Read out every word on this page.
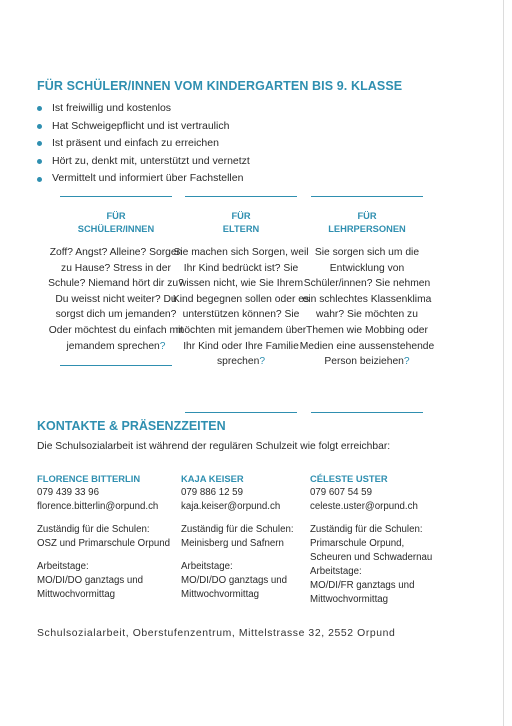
FÜR SCHÜLER/INNEN VOM KINDERGARTEN BIS 9. KLASSE
Ist freiwillig und kostenlos
Hat Schweigepflicht und ist vertraulich
Ist präsent und einfach zu erreichen
Hört zu, denkt mit, unterstützt und vernetzt
Vermittelt und informiert über Fachstellen
FÜR
SCHÜLER/INNEN
Zoff? Angst? Alleine? Sorgen zu Hause? Stress in der Schule? Niemand hört dir zu? Du weisst nicht weiter? Du sorgst dich um jemanden? Oder möchtest du einfach mit jemandem sprechen?
FÜR
ELTERN
Sie machen sich Sorgen, weil Ihr Kind bedrückt ist? Sie wissen nicht, wie Sie Ihrem Kind begegnen sollen oder es unterstützen können? Sie möchten mit jemandem über Ihr Kind oder Ihre Familie sprechen?
FÜR
LEHRPERSONEN
Sie sorgen sich um die Entwicklung von Schüler/innen? Sie nehmen ein schlechtes Klassenklima wahr? Sie möchten zu Themen wie Mobbing oder Medien eine aussenstehende Person beiziehen?
KONTAKTE & PRÄSENZZEITEN
Die Schulsozialarbeit ist während der regulären Schulzeit wie folgt erreichbar:
FLORENCE BITTERLIN
079 439 33 96
florence.bitterlin@orpund.ch
Zuständig für die Schulen:
OSZ und Primarschule Orpund
Arbeitstage:
MO/DI/DO ganztags und
Mittwochvormittag
KAJA KEISER
079 886 12 59
kaja.keiser@orpund.ch
Zuständig für die Schulen:
Meinisberg und Safnern
Arbeitstage:
MO/DI/DO ganztags und
Mittwochvormittag
CÉLESTE USTER
079 607 54 59
celeste.uster@orpund.ch
Zuständig für die Schulen:
Primarschule Orpund,
Scheuren und Schwadernau
Arbeitstage:
MO/DI/FR ganztags und
Mittwochvormittag
Schulsozialarbeit, Oberstufenzentrum, Mittelstrasse 32, 2552 Orpund
